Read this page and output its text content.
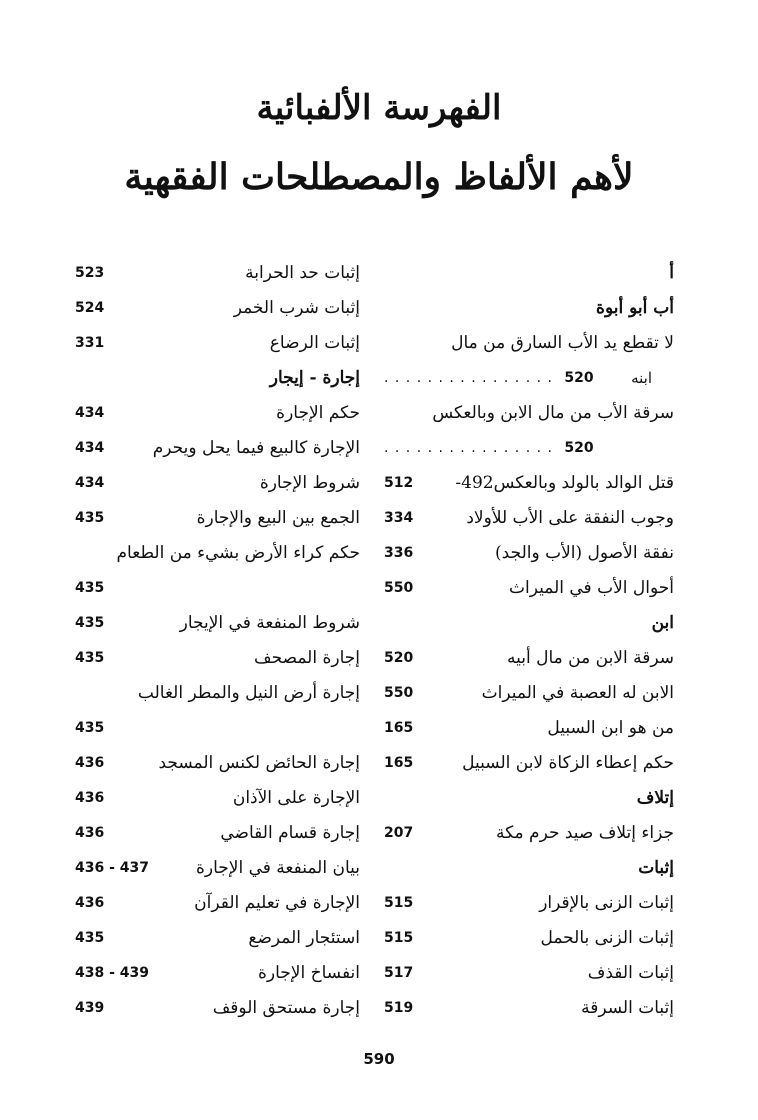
الفهرسة الألفبائية
لأهم الألفاظ والمصطلحات الفقهية
أ
أب أبو أبوة
لا تقطع يد الأب السارق من مال
ابنه
. . . 520
سرقة الأب من مال الابن وبالعكس
. . . 520
قتل الوالد بالولد وبالعكس492-
512
وجوب النفقة على الأب للأولاد
334
نفقة الأصول (الأب والجد)
336
أحوال الأب في الميراث
550
ابن
سرقة الابن من مال أبيه
520
الابن له العصبة في الميراث
550
من هو ابن السبيل
165
حكم إعطاء الزكاة لابن السبيل
165
إتلاف
جزاء إتلاف صيد حرم مكة
207
إثبات
إثبات الزنى بالإقرار
515
إثبات الزنى بالحمل
515
إثبات القذف
517
إثبات السرقة
519
إثبات حد الحرابة
523
إثبات شرب الخمر
524
إثبات الرضاع
331
إجارة - إيجار
حكم الإجارة
434
الإجارة كالبيع فيما يحل ويحرم
434
شروط الإجارة
434
الجمع بين البيع والإجارة
435
حكم كراء الأرض بشيء من الطعام
435
شروط المنفعة في الإيجار
435
إجارة المصحف
435
إجارة أرض النيل والمطر الغالب
435
إجارة الحائض لكنس المسجد
436
الإجارة على الآذان
436
إجارة قسام القاضي
436
بيان المنفعة في الإجارة
436 - 437
الإجارة في تعليم القرآن
436
استئجار المرضع
435
انفساخ الإجارة
438 - 439
إجارة مستحق الوقف
439
590
